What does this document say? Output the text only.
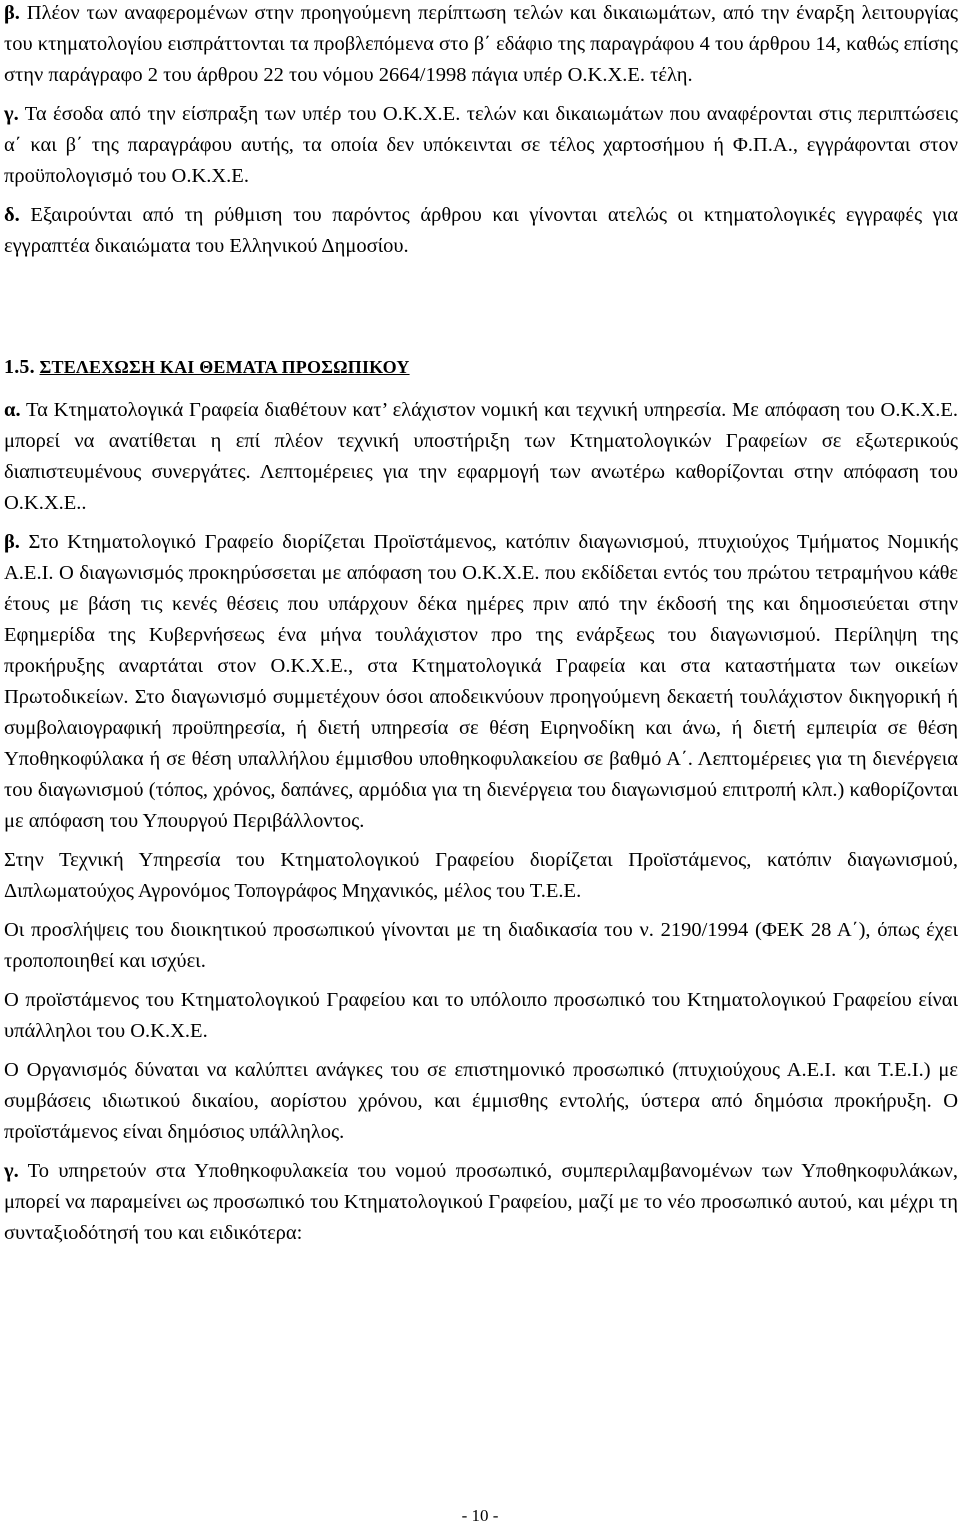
β. Πλέον των αναφερομένων στην προηγούμενη περίπτωση τελών και δικαιωμάτων, από την έναρξη λειτουργίας του κτηματολογίου εισπράττονται τα προβλεπόμενα στο β΄ εδάφιο της παραγράφου 4 του άρθρου 14, καθώς επίσης στην παράγραφο 2 του άρθρου 22 του νόμου 2664/1998 πάγια υπέρ Ο.Κ.Χ.Ε. τέλη.

γ. Τα έσοδα από την είσπραξη των υπέρ του Ο.Κ.Χ.Ε. τελών και δικαιωμάτων που αναφέρονται στις περιπτώσεις α΄ και β΄ της παραγράφου αυτής, τα οποία δεν υπόκεινται σε τέλος χαρτοσήμου ή Φ.Π.Α., εγγράφονται στον προϋπολογισμό του Ο.Κ.Χ.Ε.

δ. Εξαιρούνται από τη ρύθμιση του παρόντος άρθρου και γίνονται ατελώς οι κτηματολογικές εγγραφές για εγγραπτέα δικαιώματα του Ελληνικού Δημοσίου.

1.5. ΣΤΕΛΕΧΩΣΗ ΚΑΙ ΘΕΜΑΤΑ ΠΡΟΣΩΠΙΚΟΥ

α. Τα Κτηματολογικά Γραφεία διαθέτουν κατ’ ελάχιστον νομική και τεχνική υπηρεσία. Με απόφαση του Ο.Κ.Χ.Ε. μπορεί να ανατίθεται η επί πλέον τεχνική υποστήριξη των Κτηματολογικών Γραφείων σε εξωτερικούς διαπιστευμένους συνεργάτες. Λεπτομέρειες για την εφαρμογή των ανωτέρω καθορίζονται στην απόφαση του Ο.Κ.Χ.Ε..

β. Στο Κτηματολογικό Γραφείο διορίζεται Προϊστάμενος, κατόπιν διαγωνισμού, πτυχιούχος Τμήματος Νομικής Α.Ε.Ι. Ο διαγωνισμός προκηρύσσεται με απόφαση του Ο.Κ.Χ.Ε. που εκδίδεται εντός του πρώτου τετραμήνου κάθε έτους με βάση τις κενές θέσεις που υπάρχουν δέκα ημέρες πριν από την έκδοσή της και δημοσιεύεται στην Εφημερίδα της Κυβερνήσεως ένα μήνα τουλάχιστον προ της ενάρξεως του διαγωνισμού. Περίληψη της προκήρυξης αναρτάται στον Ο.Κ.Χ.Ε., στα Κτηματολογικά Γραφεία και στα καταστήματα των οικείων Πρωτοδικείων. Στο διαγωνισμό συμμετέχουν όσοι αποδεικνύουν προηγούμενη δεκαετή τουλάχιστον δικηγορική ή συμβολαιογραφική προϋπηρεσία, ή διετή υπηρεσία σε θέση Ειρηνοδίκη και άνω, ή διετή εμπειρία σε θέση Υποθηκοφύλακα ή σε θέση υπαλλήλου έμμισθου υποθηκοφυλακείου σε βαθμό Α΄. Λεπτομέρειες για τη διενέργεια του διαγωνισμού (τόπος, χρόνος, δαπάνες, αρμόδια για τη διενέργεια του διαγωνισμού επιτροπή κλπ.) καθορίζονται με απόφαση του Υπουργού Περιβάλλοντος.

Στην Τεχνική Υπηρεσία του Κτηματολογικού Γραφείου διορίζεται Προϊστάμενος, κατόπιν διαγωνισμού, Διπλωματούχος Αγρονόμος Τοπογράφος Μηχανικός, μέλος του Τ.Ε.Ε.

Οι προσλήψεις του διοικητικού προσωπικού γίνονται με τη διαδικασία του ν. 2190/1994 (ΦΕΚ 28 Α΄), όπως έχει τροποποιηθεί και ισχύει.

Ο προϊστάμενος του Κτηματολογικού Γραφείου και το υπόλοιπο προσωπικό του Κτηματολογικού Γραφείου είναι υπάλληλοι του Ο.Κ.Χ.Ε.

Ο Οργανισμός δύναται να καλύπτει ανάγκες του σε επιστημονικό προσωπικό (πτυχιούχους Α.Ε.Ι. και Τ.Ε.Ι.) με συμβάσεις ιδιωτικού δικαίου, αορίστου χρόνου, και έμμισθης εντολής, ύστερα από δημόσια προκήρυξη. Ο προϊστάμενος είναι δημόσιος υπάλληλος.

γ. Το υπηρετούν στα Υποθηκοφυλακεία του νομού προσωπικό, συμπεριλαμβανομένων των Υποθηκοφυλάκων, μπορεί να παραμείνει ως προσωπικό του Κτηματολογικού Γραφείου, μαζί με το νέο προσωπικό αυτού, και μέχρι τη συνταξιοδότησή του και ειδικότερα:

- 10 -
